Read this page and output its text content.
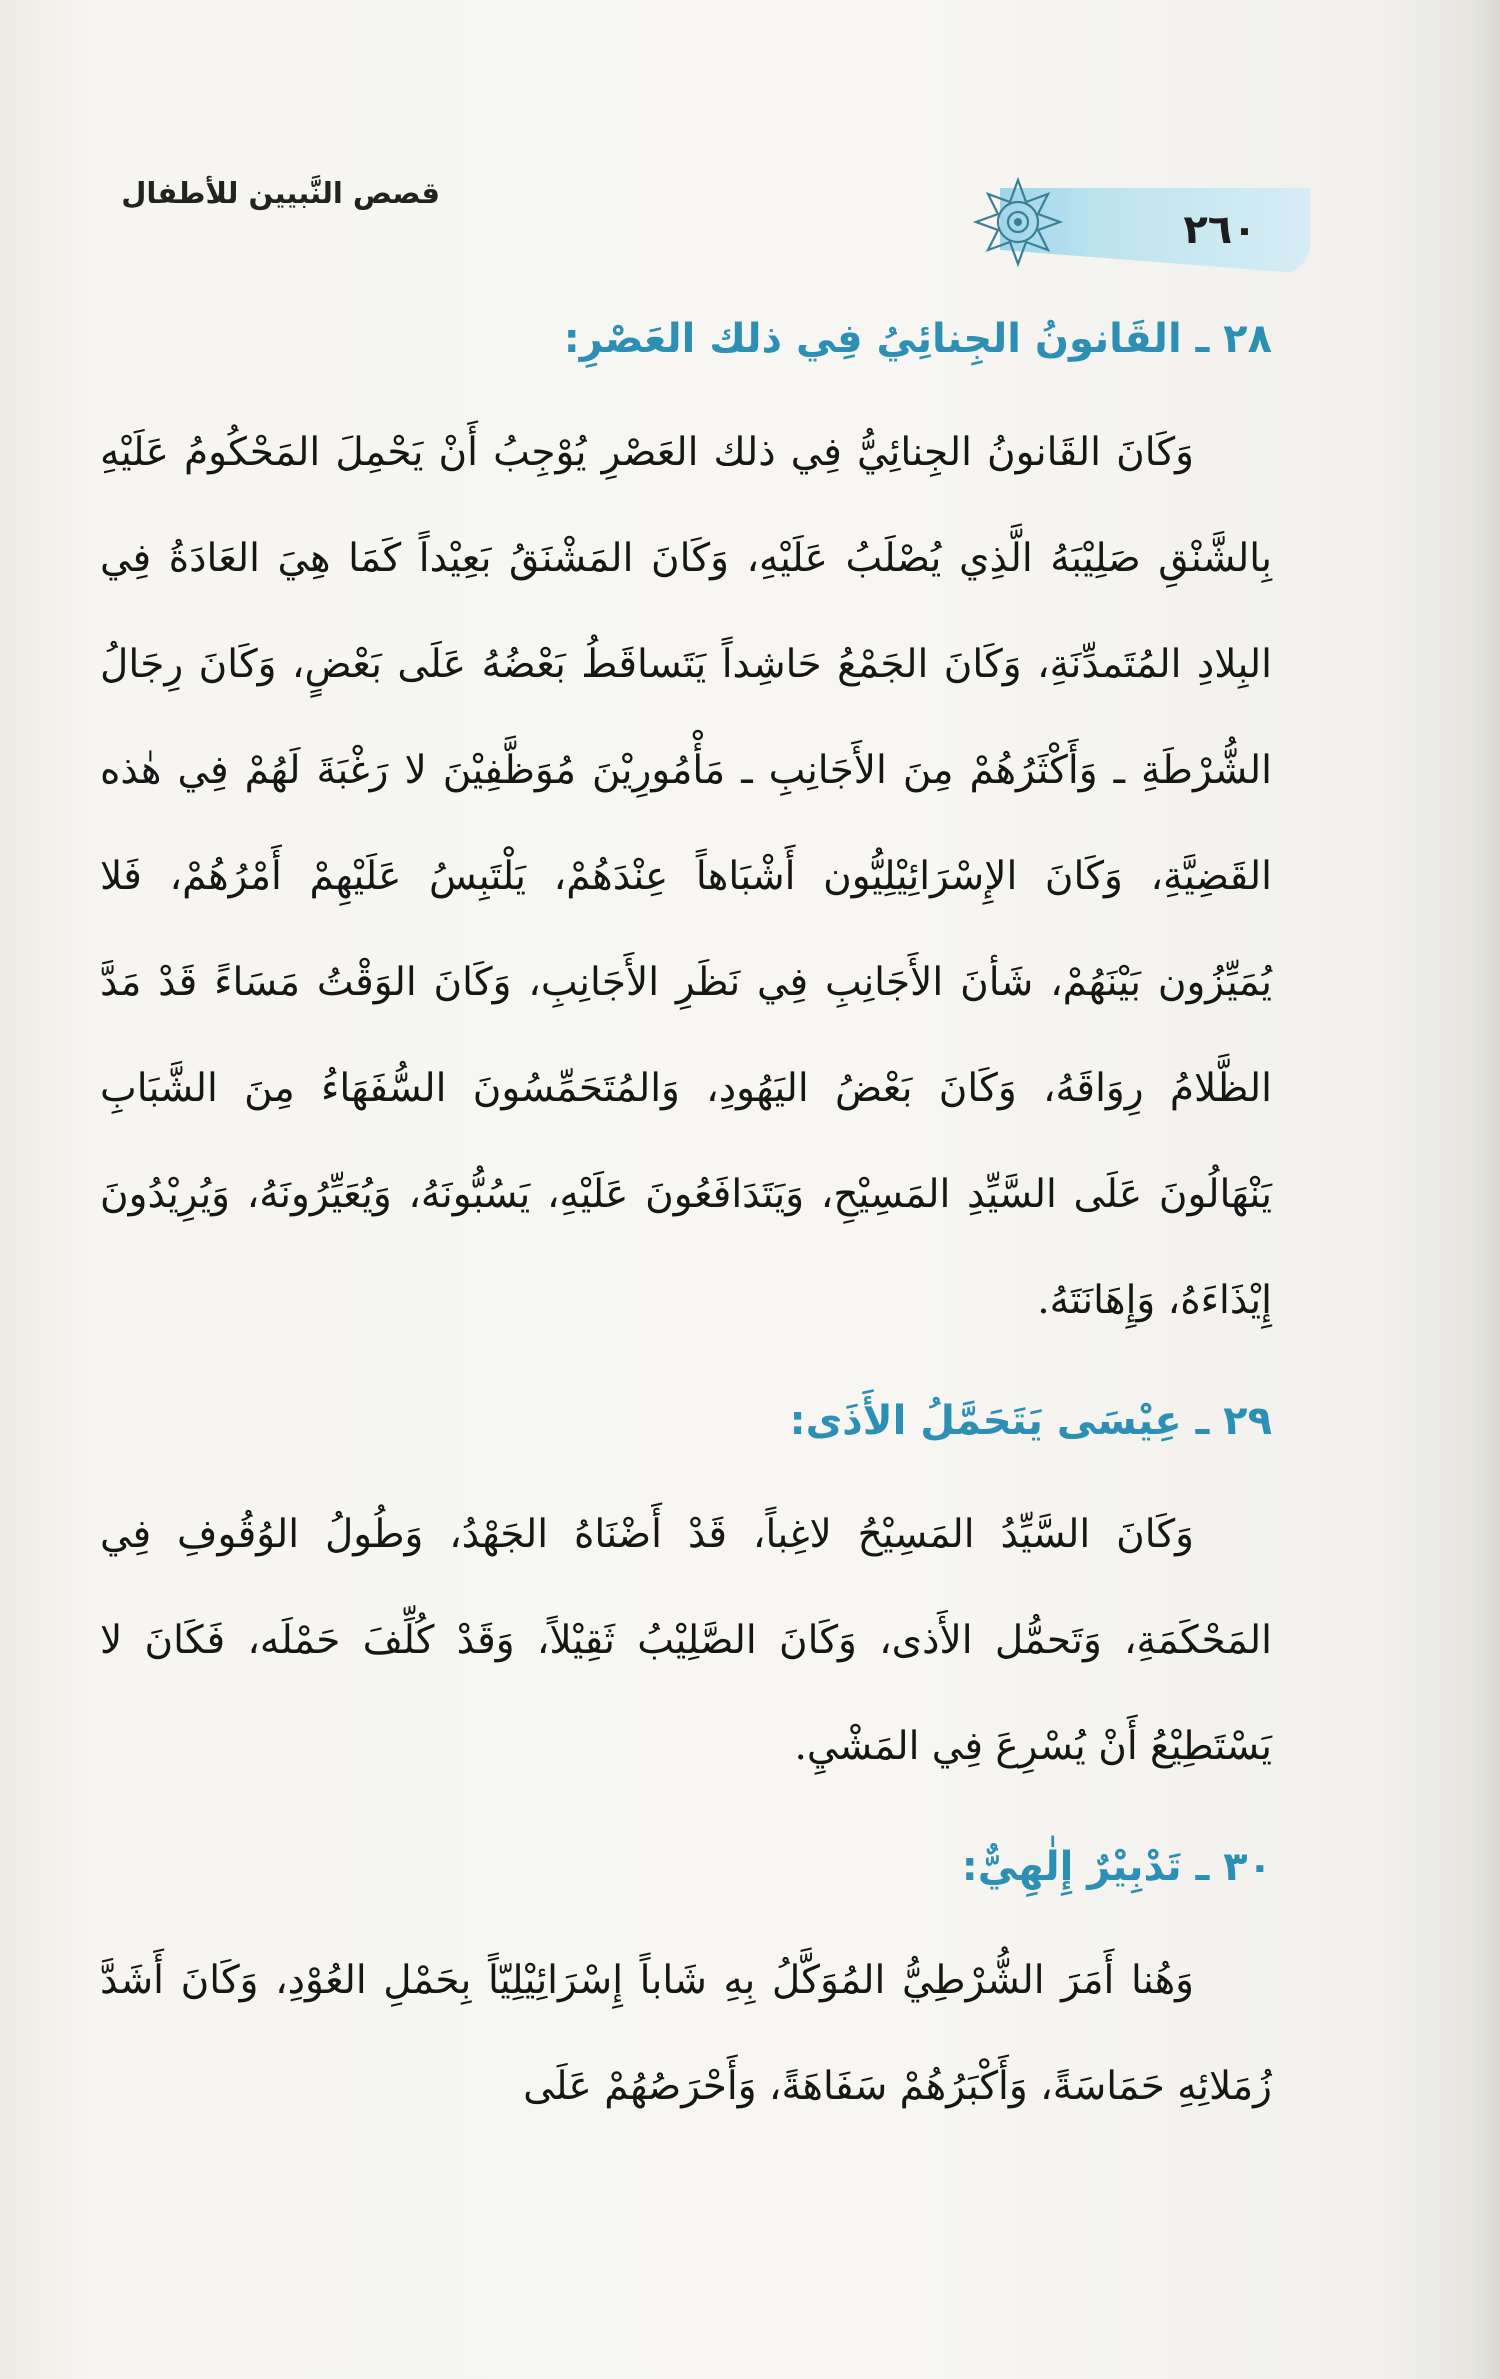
٢٦٠
قصص النَّبيين للأطفال
٢٨ ـ القَانونُ الجِنائِيُ فِي ذلك العَصْرِ:

وَكَانَ القَانونُ الجِنائِيُّ فِي ذلك العَصْرِ يُوْجِبُ أَنْ يَحْمِلَ المَحْكُومُ عَلَيْهِ بِالشَّنْقِ صَلِيْبَهُ الَّذِي يُصْلَبُ عَلَيْهِ، وَكَانَ المَشْنَقُ بَعِيْداً كَمَا هِيَ العَادَةُ فِي البِلادِ المُتَمدِّنَةِ، وَكَانَ الجَمْعُ حَاشِداً يَتَساقَطُ بَعْضُهُ عَلَى بَعْضٍ، وَكَانَ رِجَالُ الشُّرْطَةِ ـ وَأَكْثَرُهُمْ مِنَ الأَجَانِبِ ـ مَأْمُورِيْنَ مُوَظَّفِيْنَ لا رَغْبَةَ لَهُمْ فِي هٰذه القَضِيَّةِ، وَكَانَ الإِسْرَائِيْلِيُّون أَشْبَاهاً عِنْدَهُمْ، يَلْتَبِسُ عَلَيْهِمْ أَمْرُهُمْ، فَلا يُمَيِّزُون بَيْنَهُمْ، شَأنَ الأَجَانِبِ فِي نَظَرِ الأَجَانِبِ، وَكَانَ الوَقْتُ مَسَاءً قَدْ مَدَّ الظَّلامُ رِوَاقَهُ، وَكَانَ بَعْضُ اليَهُودِ، وَالمُتَحَمِّسُونَ السُّفَهَاءُ مِنَ الشَّبَابِ يَنْهَالُونَ عَلَى السَّيِّدِ المَسِيْحِ، وَيَتَدَافَعُونَ عَلَيْهِ، يَسُبُّونَهُ، وَيُعَيِّرُونَهُ، وَيُرِيْدُونَ إِيْذَاءَهُ، وَإِهَانَتَهُ.

٢٩ ـ عِيْسَى يَتَحَمَّلُ الأَذَى:

وَكَانَ السَّيِّدُ المَسِيْحُ لاغِباً، قَدْ أَضْنَاهُ الجَهْدُ، وَطُولُ الوُقُوفِ فِي المَحْكَمَةِ، وَتَحمُّل الأَذى، وَكَانَ الصَّلِيْبُ ثَقِيْلاً، وَقَدْ كُلِّفَ حَمْلَه، فَكَانَ لا يَسْتَطِيْعُ أَنْ يُسْرِعَ فِي المَشْيِ.

٣٠ ـ تَدْبِيْرٌ إِلٰهِيٌّ:

وَهُنا أَمَرَ الشُّرْطِيُّ المُوَكَّلُ بِهِ شَاباً إِسْرَائِيْلِيّاً بِحَمْلِ العُوْدِ، وَكَانَ أَشَدَّ زُمَلائِهِ حَمَاسَةً، وَأَكْبَرُهُمْ سَفَاهَةً، وَأَحْرَصُهُمْ عَلَى
